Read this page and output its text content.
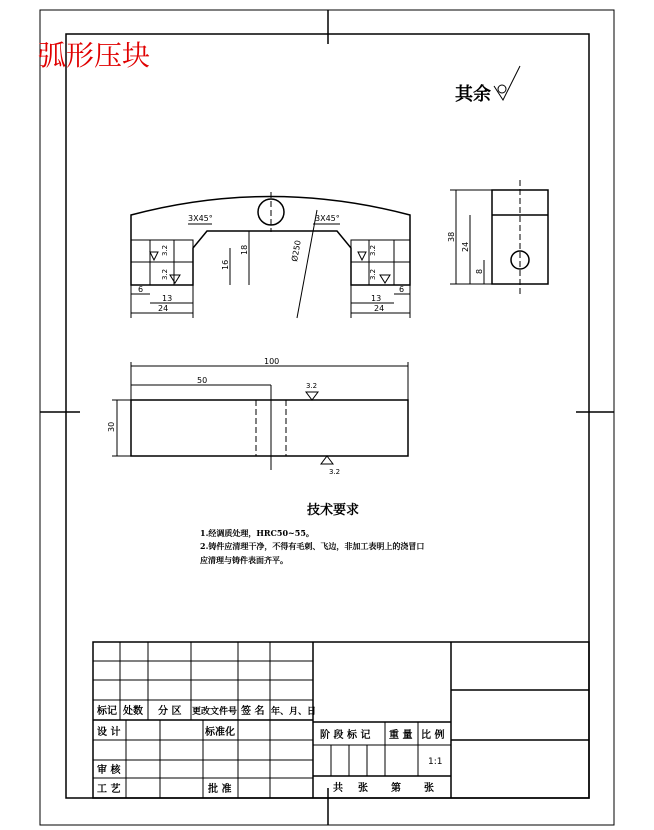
弧形压块
其余
3X45°	3X45°
Ø250
16
18
6
13
24
6
13
24
3.2
3.2
3.2
3.2
38
24
8
100
50
30
3.2
3.2
技术要求
1.经调质处理，HRC50~55。
2.铸件应清理干净，不得有毛刺、飞边，非加工表明上的浇冒口
应清理与铸件表面齐平。
标记 处数 分 区 更改文件号 签 名 年、月、日
设 计	标准化	阶 段 标 记 重 量 比 例
1:1
审 核
工 艺	批 准	共 张 第 张
